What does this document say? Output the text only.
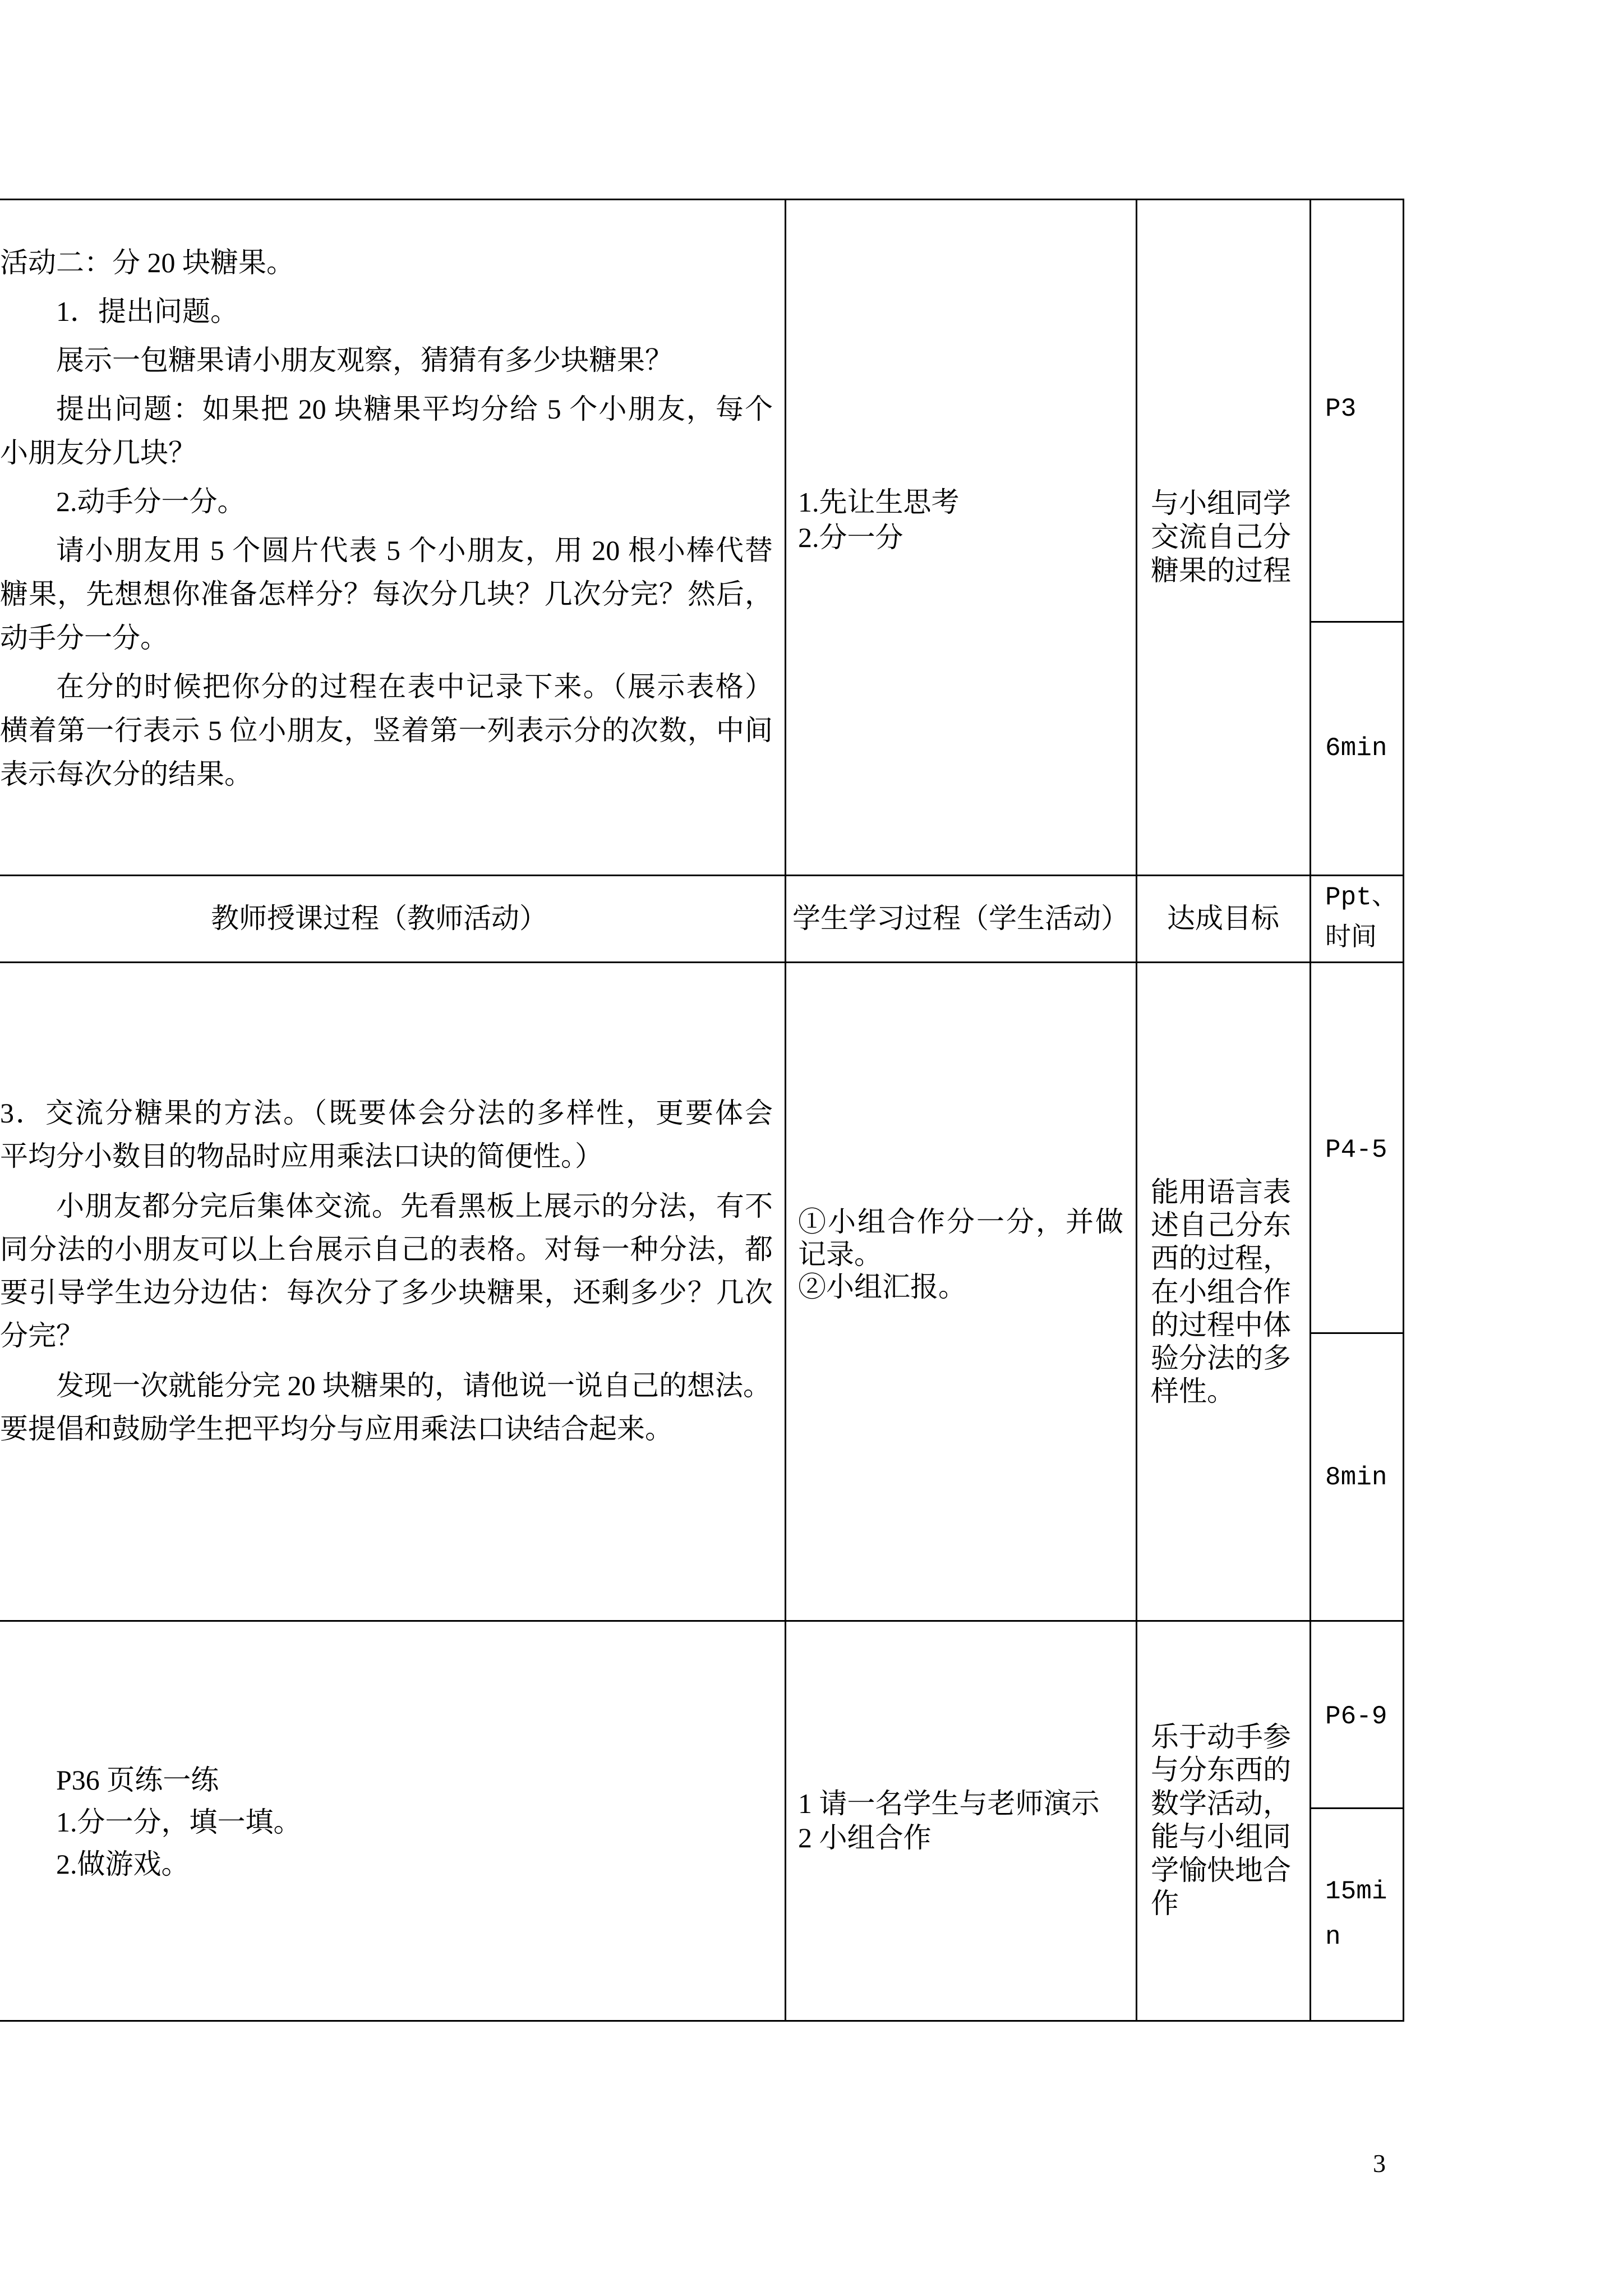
活动二：分 20 块糖果。
1．提出问题。
展示一包糖果请小朋友观察，猜猜有多少块糖果？
提出问题：如果把 20 块糖果平均分给 5 个小朋友，每个
小朋友分几块？
2.动手分一分。
请小朋友用 5 个圆片代表 5 个小朋友，用 20 根小棒代替
糖果，先想想你准备怎样分？每次分几块？几次分完？然后，
动手分一分。
在分的时候把你分的过程在表中记录下来。（展示表格）
横着第一行表示 5 位小朋友，竖着第一列表示分的次数，中间
表示每次分的结果。
1.先让生思考
2.分一分
与小组同学
交流自己分
糖果的过程
P3
6min
教师授课过程（教师活动）	学生学习过程（学生活动）	达成目标
Ppt、
时间
3．交流分糖果的方法。（既要体会分法的多样性，更要体会
平均分小数目的物品时应用乘法口诀的简便性。）
小朋友都分完后集体交流。先看黑板上展示的分法，有不
同分法的小朋友可以上台展示自己的表格。对每一种分法，都
要引导学生边分边估：每次分了多少块糖果，还剩多少？几次
分完？
发现一次就能分完 20 块糖果的，请他说一说自己的想法。
要提倡和鼓励学生把平均分与应用乘法口诀结合起来。
①小组合作分一分，并做
记录。
②小组汇报。
能用语言表
述自己分东
西的过程，
在小组合作
的过程中体
验分法的多
样性。
P4-5
8min
P36 页练一练
1.分一分，填一填。
2.做游戏。
1 请一名学生与老师演示
2 小组合作
乐于动手参
与分东西的
数学活动，
能与小组同
学愉快地合
作
P6-9
15mi
n
3
